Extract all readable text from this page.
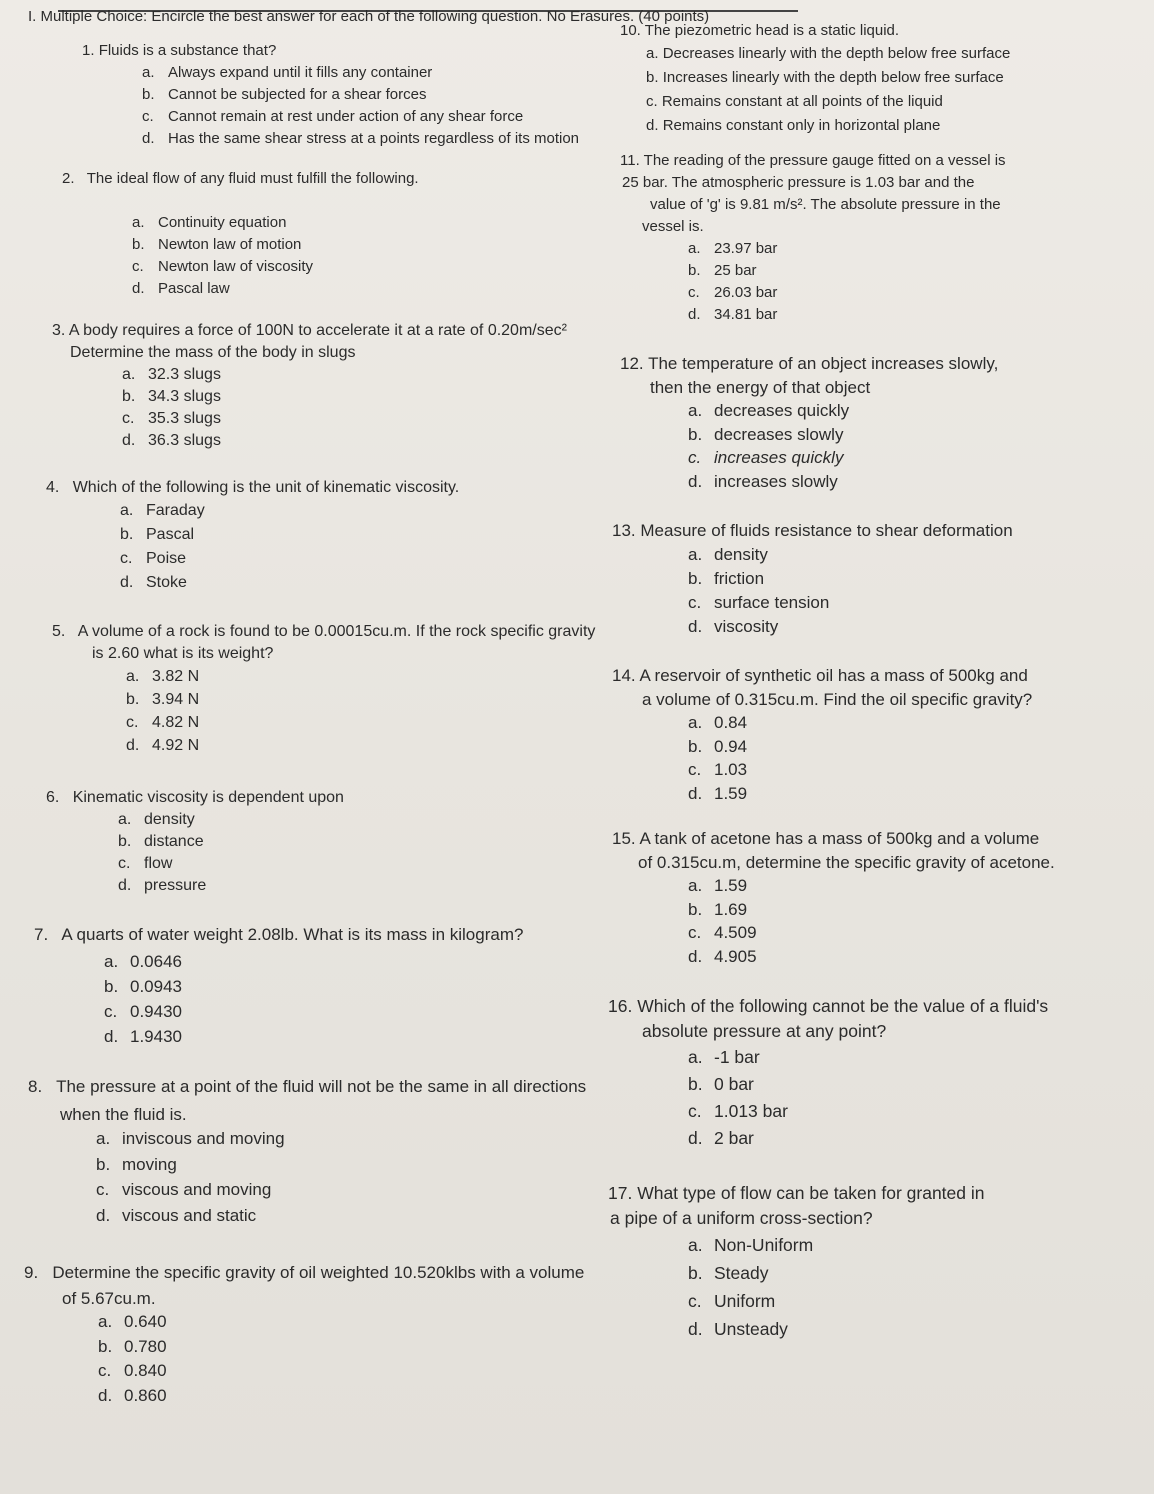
I. Multiple Choice: Encircle the best answer for each of the following question. No Erasures. (40 points)
1. Fluids is a substance that?
a. Always expand until it fills any container
b. Cannot be subjected for a shear forces
c. Cannot remain at rest under action of any shear force
d. Has the same shear stress at a points regardless of its motion
2. The ideal flow of any fluid must fulfill the following.
a. Continuity equation
b. Newton law of motion
c. Newton law of viscosity
d. Pascal law
3. A body requires a force of 100N to accelerate it at a rate of 0.20m/sec²
Determine the mass of the body in slugs
a. 32.3 slugs
b. 34.3 slugs
c. 35.3 slugs
d. 36.3 slugs
4. Which of the following is the unit of kinematic viscosity.
a. Faraday
b. Pascal
c. Poise
d. Stoke
5. A volume of a rock is found to be 0.00015cu.m. If the rock specific gravity
is 2.60 what is its weight?
a. 3.82 N
b. 3.94 N
c. 4.82 N
d. 4.92 N
6. Kinematic viscosity is dependent upon
a. density
b. distance
c. flow
d. pressure
7. A quarts of water weight 2.08lb. What is its mass in kilogram?
a. 0.0646
b. 0.0943
c. 0.9430
d. 1.9430
8. The pressure at a point of the fluid will not be the same in all directions
when the fluid is.
a. inviscous and moving
b. moving
c. viscous and moving
d. viscous and static
9. Determine the specific gravity of oil weighted 10.520klbs with a volume
of 5.67cu.m.
a. 0.640
b. 0.780
c. 0.840
d. 0.860
10. The piezometric head is a static liquid.
a. Decreases linearly with the depth below free surface
b. Increases linearly with the depth below free surface
c. Remains constant at all points of the liquid
d. Remains constant only in horizontal plane
11. The reading of the pressure gauge fitted on a vessel is
25 bar. The atmospheric pressure is 1.03 bar and the
value of 'g' is 9.81 m/s². The absolute pressure in the
vessel is.
a. 23.97 bar
b. 25 bar
c. 26.03 bar
d. 34.81 bar
12. The temperature of an object increases slowly,
then the energy of that object
a. decreases quickly
b. decreases slowly
c. increases quickly
d. increases slowly
13. Measure of fluids resistance to shear deformation
a. density
b. friction
c. surface tension
d. viscosity
14. A reservoir of synthetic oil has a mass of 500kg and
a volume of 0.315cu.m. Find the oil specific gravity?
a. 0.84
b. 0.94
c. 1.03
d. 1.59
15. A tank of acetone has a mass of 500kg and a volume
of 0.315cu.m, determine the specific gravity of acetone.
a. 1.59
b. 1.69
c. 4.509
d. 4.905
16. Which of the following cannot be the value of a fluid's
absolute pressure at any point?
a. -1 bar
b. 0 bar
c. 1.013 bar
d. 2 bar
17. What type of flow can be taken for granted in
a pipe of a uniform cross-section?
a. Non-Uniform
b. Steady
c. Uniform
d. Unsteady
